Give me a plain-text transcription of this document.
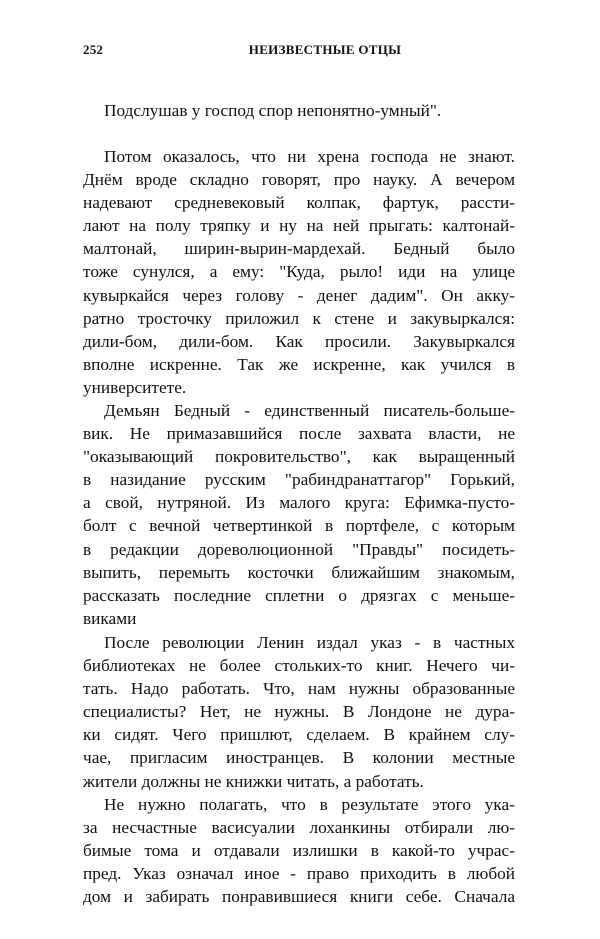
252	НЕИЗВЕСТНЫЕ ОТЦЫ
Подслушав у господ спор непонятно-умный".
Потом оказалось, что ни хрена господа не знают.
Днём вроде складно говорят, про науку. А вечером
надевают средневековый колпак, фартук, рассти-
лают на полу тряпку и ну на ней прыгать: калтонай-
малтонай, ширин-вырин-мардехай. Бедный было
тоже сунулся, а ему: "Куда, рыло! иди на улице
кувыркайся через голову - денег дадим". Он акку-
ратно тросточку приложил к стене и закувыркался:
дили-бом, дили-бом. Как просили. Закувыркался
вполне искренне. Так же искренне, как учился в
университете.
Демьян Бедный - единственный писатель-большe-
вик. Не примазавшийся после захвата власти, не
"оказывающий покровительство", как выращенный
в назидание русским "рабиндранаттагор" Горький,
а свой, нутряной. Из малого круга: Ефимка-пусто-
болт с вечной четвертинкой в портфеле, с которым
в редакции дореволюционной "Правды" посидеть-
выпить, перемыть косточки ближайшим знакомым,
рассказать последние сплетни о дрязгах с меньше-
виками
После революции Ленин издал указ - в частных
библиотеках не более стольких-то книг. Нечего чи-
тать. Надо работать. Что, нам нужны образованные
специалисты? Нет, не нужны. В Лондоне не дура-
ки сидят. Чего пришлют, сделаем. В крайнем слу-
чае, пригласим иностранцев. В колонии местные
жители должны не книжки читать, а работать.
Не нужно полагать, что в результате этого ука-
за несчастные васисуалии лоханкины отбирали лю-
бимые тома и отдавали излишки в какой-то учрас-
пред. Указ означал иное - право приходить в любой
дом и забирать понравившиеся книги себе. Сначала
